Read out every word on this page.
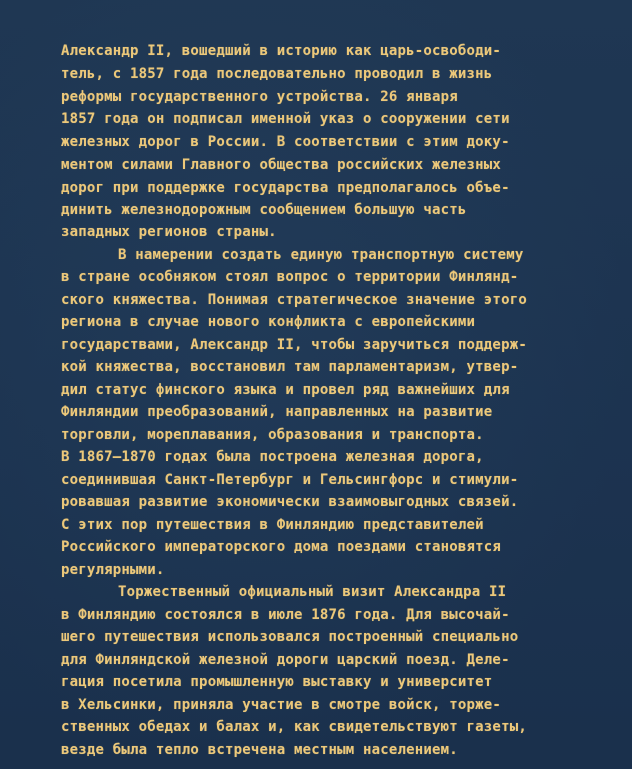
Александр II, вошедший в историю как царь-освободи-
тель, с 1857 года последовательно проводил в жизнь
реформы государственного устройства. 26 января
1857 года он подписал именной указ о сооружении сети
железных дорог в России. В соответствии с этим доку-
ментом силами Главного общества российских железных
дорог при поддержке государства предполагалось объе-
динить железнодорожным сообщением большую часть
западных регионов страны.
В намерении создать единую транспортную систему
в стране особняком стоял вопрос о территории Финлянд-
ского княжества. Понимая стратегическое значение этого
региона в случае нового конфликта с европейскими
государствами, Александр II, чтобы заручиться поддерж-
кой княжества, восстановил там парламентаризм, утвер-
дил статус финского языка и провел ряд важнейших для
Финляндии преобразований, направленных на развитие
торговли, мореплавания, образования и транспорта.
В 1867–1870 годах была построена железная дорога,
соединившая Санкт-Петербург и Гельсингфорс и стимули-
ровавшая развитие экономически взаимовыгодных связей.
С этих пор путешествия в Финляндию представителей
Российского императорского дома поездами становятся
регулярными.
Торжественный официальный визит Александра II
в Финляндию состоялся в июле 1876 года. Для высочай-
шего путешествия использовался построенный специально
для Финляндской железной дороги царский поезд. Деле-
гация посетила промышленную выставку и университет
в Хельсинки, приняла участие в смотре войск, торже-
ственных обедах и балах и, как свидетельствуют газеты,
везде была тепло встречена местным населением.
